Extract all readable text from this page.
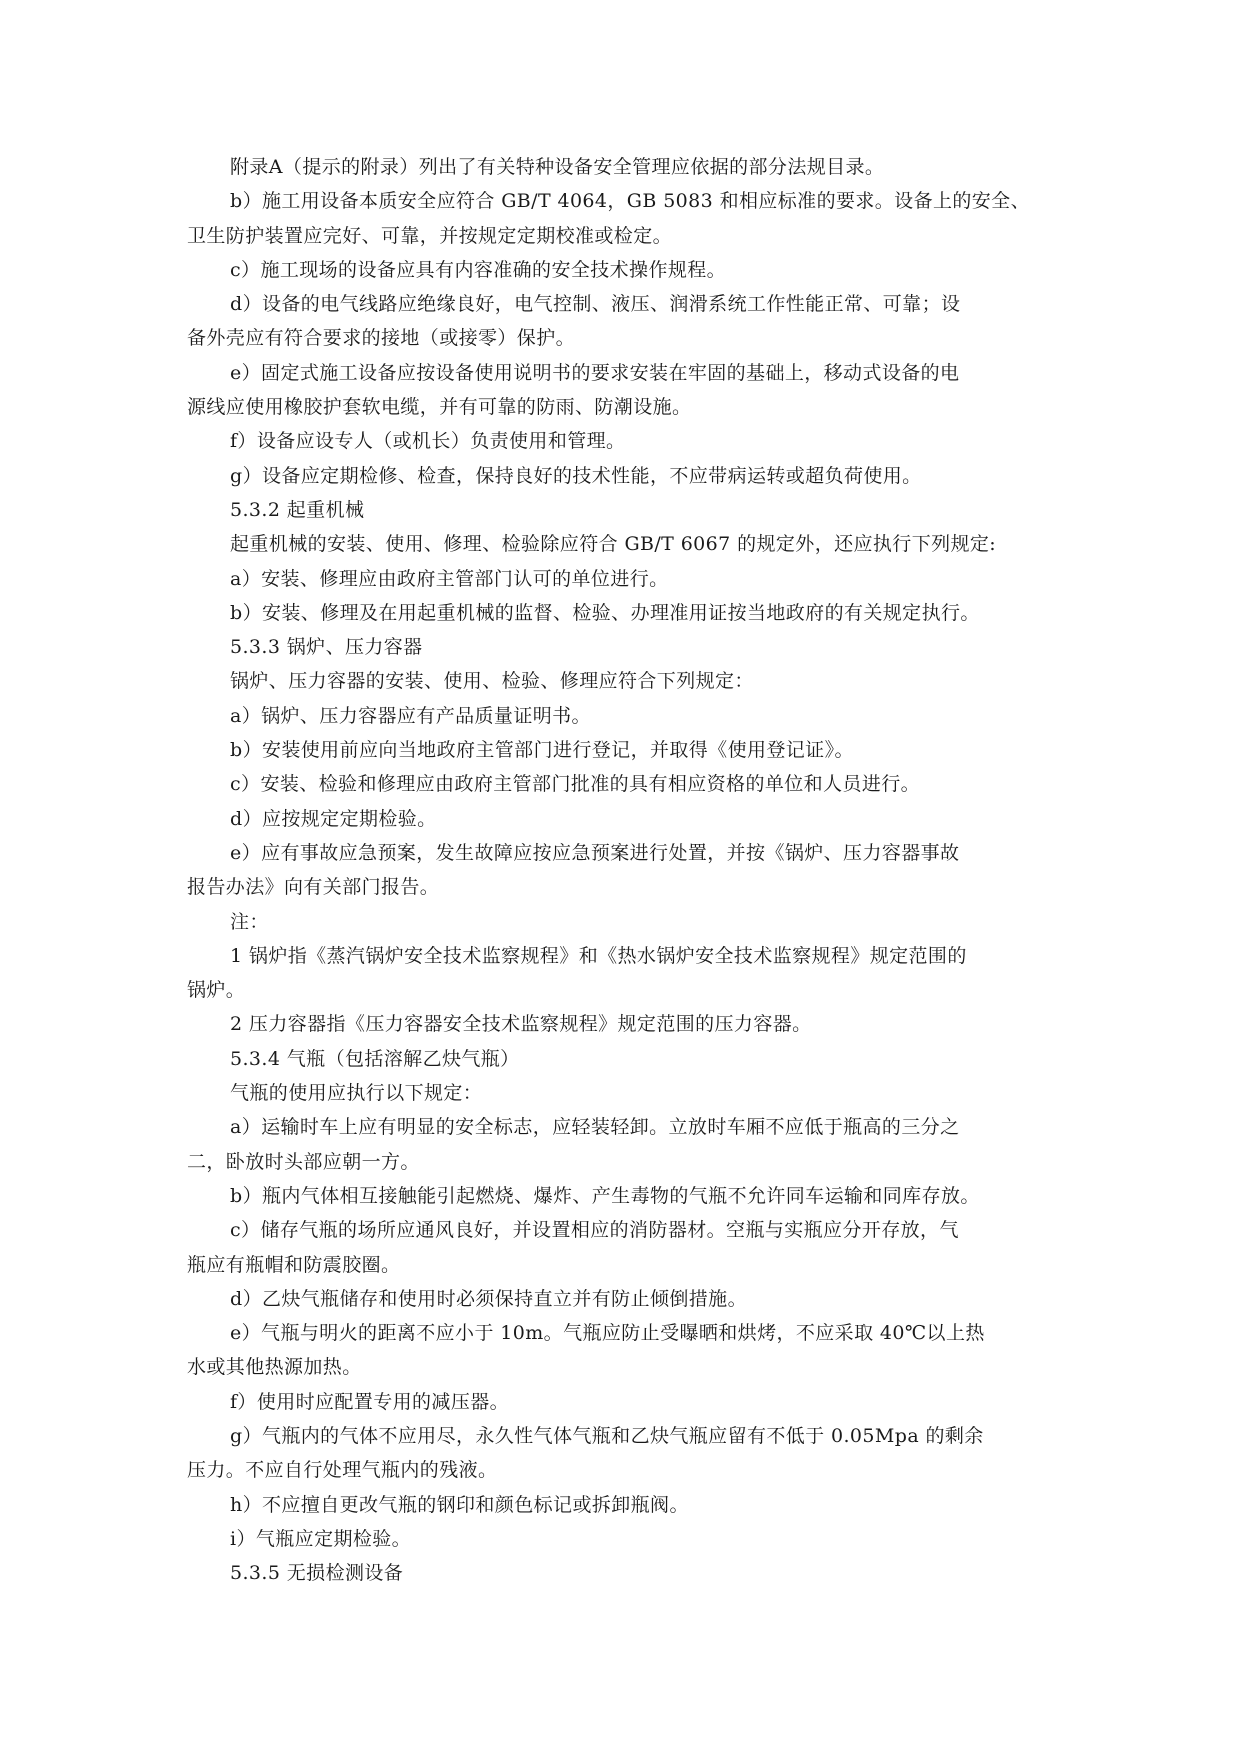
附录A（提示的附录）列出了有关特种设备安全管理应依据的部分法规目录。
b）施工用设备本质安全应符合 GB/T 4064，GB 5083 和相应标准的要求。设备上的安全、
卫生防护装置应完好、可靠，并按规定定期校准或检定。
c）施工现场的设备应具有内容准确的安全技术操作规程。
d）设备的电气线路应绝缘良好，电气控制、液压、润滑系统工作性能正常、可靠；设
备外壳应有符合要求的接地（或接零）保护。
e）固定式施工设备应按设备使用说明书的要求安装在牢固的基础上，移动式设备的电
源线应使用橡胶护套软电缆，并有可靠的防雨、防潮设施。
f）设备应设专人（或机长）负责使用和管理。
g）设备应定期检修、检查，保持良好的技术性能，不应带病运转或超负荷使用。
5.3.2 起重机械
起重机械的安装、使用、修理、检验除应符合 GB/T 6067 的规定外，还应执行下列规定:
a）安装、修理应由政府主管部门认可的单位进行。
b）安装、修理及在用起重机械的监督、检验、办理准用证按当地政府的有关规定执行。
5.3.3 锅炉、压力容器
锅炉、压力容器的安装、使用、检验、修理应符合下列规定：
a）锅炉、压力容器应有产品质量证明书。
b）安装使用前应向当地政府主管部门进行登记，并取得《使用登记证》。
c）安装、检验和修理应由政府主管部门批准的具有相应资格的单位和人员进行。
d）应按规定定期检验。
e）应有事故应急预案，发生故障应按应急预案进行处置，并按《锅炉、压力容器事故
报告办法》向有关部门报告。
注：
1 锅炉指《蒸汽锅炉安全技术监察规程》和《热水锅炉安全技术监察规程》规定范围的
锅炉。
2 压力容器指《压力容器安全技术监察规程》规定范围的压力容器。
5.3.4 气瓶（包括溶解乙炔气瓶）
气瓶的使用应执行以下规定：
a）运输时车上应有明显的安全标志，应轻装轻卸。立放时车厢不应低于瓶高的三分之
二，卧放时头部应朝一方。
b）瓶内气体相互接触能引起燃烧、爆炸、产生毒物的气瓶不允许同车运输和同库存放。
c）储存气瓶的场所应通风良好，并设置相应的消防器材。空瓶与实瓶应分开存放，气
瓶应有瓶帽和防震胶圈。
d）乙炔气瓶储存和使用时必须保持直立并有防止倾倒措施。
e）气瓶与明火的距离不应小于 10m。气瓶应防止受曝晒和烘烤，不应采取 40℃以上热
水或其他热源加热。
f）使用时应配置专用的减压器。
g）气瓶内的气体不应用尽，永久性气体气瓶和乙炔气瓶应留有不低于 0.05Mpa 的剩余
压力。不应自行处理气瓶内的残液。
h）不应擅自更改气瓶的钢印和颜色标记或拆卸瓶阀。
i）气瓶应定期检验。
5.3.5 无损检测设备
